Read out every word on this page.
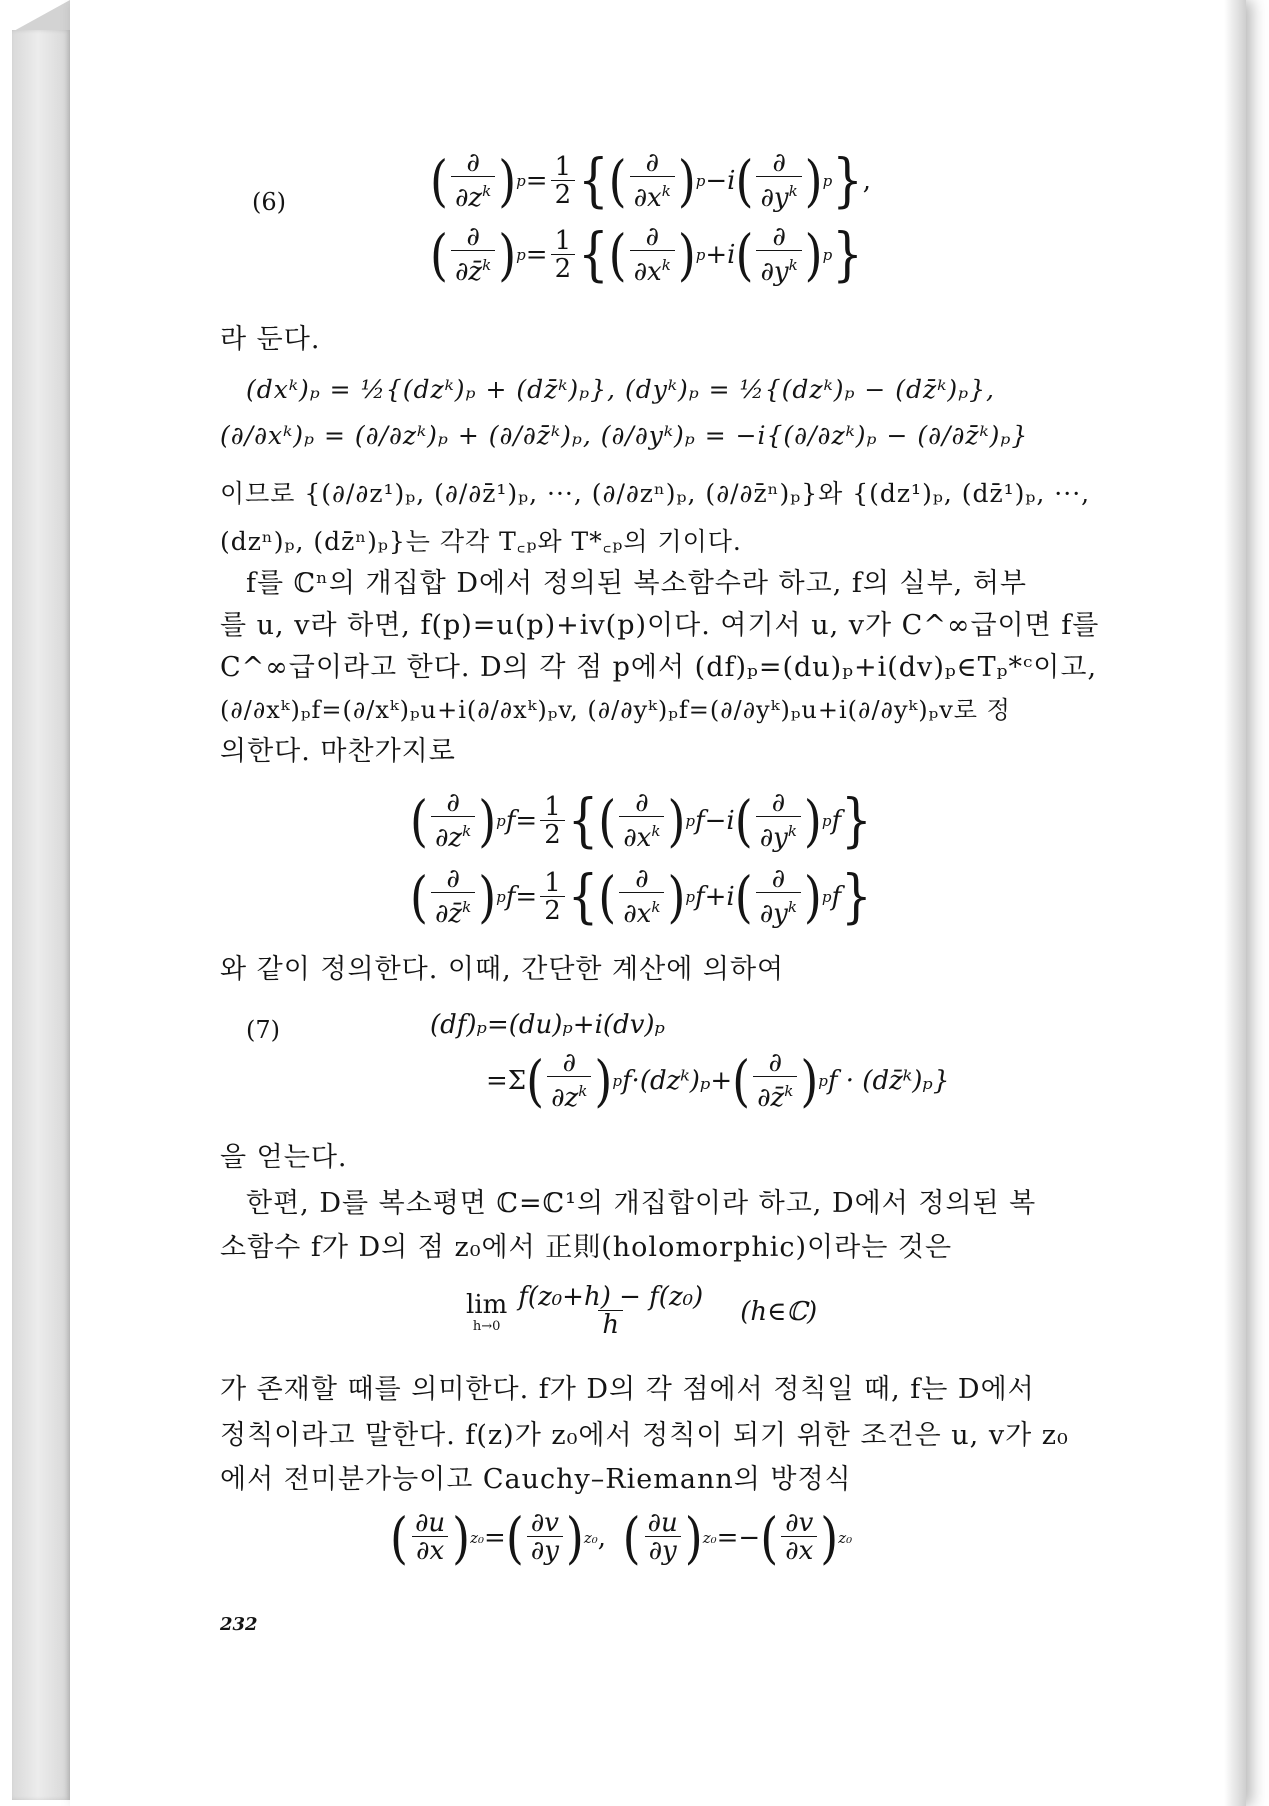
(6)	( $\frac{\partial}{\partial z^k}$ ) $p = \frac{1}{2}$ { ( $\frac{\partial}{\partial x^k}$ ) p −i ( $\frac{\partial}{\partial y^k}$ ) p } ,
( $\frac{\partial}{\partial z̄^k}$ ) $p = \frac{1}{2}$ { ( $\frac{\partial}{\partial x^k}$ ) p +i ( $\frac{\partial}{\partial y^k}$ ) p }
라 둔다.
(dxᵏ)ₚ = ½{(dzᵏ)ₚ + (dz̄ᵏ)ₚ}, (dyᵏ)ₚ = ½{(dzᵏ)ₚ − (dz̄ᵏ)ₚ},
(∂/∂xᵏ)ₚ = (∂/∂zᵏ)ₚ + (∂/∂z̄ᵏ)ₚ, (∂/∂yᵏ)ₚ = −i{(∂/∂zᵏ)ₚ − (∂/∂z̄ᵏ)ₚ}
이므로 {(∂/∂z¹)ₚ, (∂/∂z̄¹)ₚ, ···, (∂/∂zⁿ)ₚ, (∂/∂z̄ⁿ)ₚ}와 {(dz¹)ₚ, (dz̄¹)ₚ, ···,
(dzⁿ)ₚ, (dz̄ⁿ)ₚ}는 각각 T꜀ₚ와 T*꜀ₚ의 기이다.
f를 ℂⁿ의 개집합 D에서 정의된 복소함수라 하고, f의 실부, 허부
를 u, v라 하면, f(p)=u(p)+iv(p)이다. 여기서 u, v가 C^∞급이면 f를
C^∞급이라고 한다. D의 각 점 p에서 (df)ₚ=(du)ₚ+i(dv)ₚ∈Tₚ*ᶜ이고,
(∂/∂xᵏ)ₚf=(∂/xᵏ)ₚu+i(∂/∂xᵏ)ₚv, (∂/∂yᵏ)ₚf=(∂/∂yᵏ)ₚu+i(∂/∂yᵏ)ₚv로 정
의한다. 마찬가지로
( $\frac{\partial}{\partial z^k}$ ) p $f = \frac{1}{2}$ { ( $\frac{\partial}{\partial x^k}$ ) p f −i ( $\frac{\partial}{\partial y^k}$ ) p f }
( $\frac{\partial}{\partial z̄^k}$ ) p $f = \frac{1}{2}$ { ( $\frac{\partial}{\partial x^k}$ ) p f +i ( $\frac{\partial}{\partial y^k}$ ) p f }
와 같이 정의한다. 이때, 간단한 계산에 의하여
(7)	(df)ₚ=(du)ₚ+i(dv)ₚ
=Σ ( $\frac{\partial}{\partial z^k}$ ) p f·(dzᵏ)ₚ+ ( $\frac{\partial}{\partial z̄^k}$ ) p f · (dz̄ᵏ)ₚ}
을 얻는다.
한편, D를 복소평면 ℂ=ℂ¹의 개집합이라 하고, D에서 정의된 복
소함수 f가 D의 점 z₀에서 正則(holomorphic)이라는 것은
lim
$h\to 0 \frac{\text{f(z₀+h) − f(z₀)}}{h}$ (h∈ℂ)
가 존재할 때를 의미한다. f가 D의 각 점에서 정칙일 때, f는 D에서
정칙이라고 말한다. f(z)가 z₀에서 정칙이 되기 위한 조건은 u, v가 z₀
에서 전미분가능이고 Cauchy–Riemann의 방정식
( $\frac{\partial u}{\partial x}$ ) z₀ = ( $\frac{\partial v}{\partial y}$ ) z₀ , ( $\frac{\partial u}{\partial y}$ ) z₀ =− ( $\frac{\partial v}{\partial x}$ ) z₀
232
